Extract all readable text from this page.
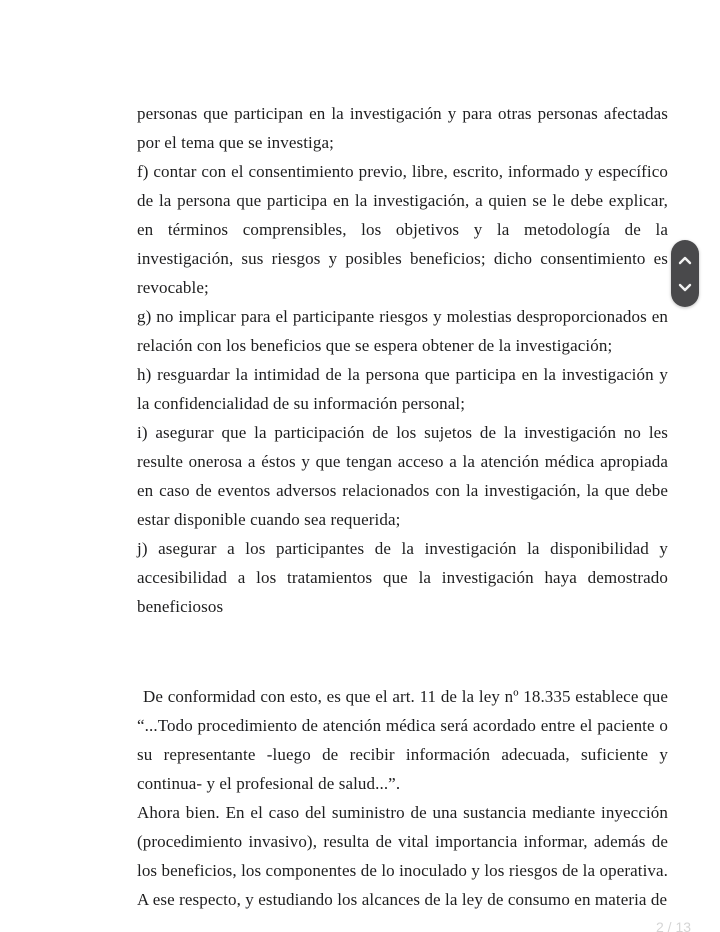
personas que participan en la investigación y para otras personas afectadas por el tema que se investiga;

f) contar con el consentimiento previo, libre, escrito, informado y específico de la persona que participa en la investigación, a quien se le debe explicar, en términos comprensibles, los objetivos y la metodología de la investigación, sus riesgos y posibles beneficios; dicho consentimiento es revocable;

g) no implicar para el participante riesgos y molestias desproporcionados en relación con los beneficios que se espera obtener de la investigación;

h) resguardar la intimidad de la persona que participa en la investigación y la confidencialidad de su información personal;

i) asegurar que la participación de los sujetos de la investigación no les resulte onerosa a éstos y que tengan acceso a la atención médica apropiada en caso de eventos adversos relacionados con la investigación, la que debe estar disponible cuando sea requerida;

j) asegurar a los participantes de la investigación la disponibilidad y accesibilidad a los tratamientos que la investigación haya demostrado beneficiosos

De conformidad con esto, es que el art. 11 de la ley nº 18.335 establece que “...Todo procedimiento de atención médica será acordado entre el paciente o su representante -luego de recibir información adecuada, suficiente y continua- y el profesional de salud...”.

Ahora bien. En el caso del suministro de una sustancia mediante inyección (procedimiento invasivo), resulta de vital importancia informar, además de los beneficios, los componentes de lo inoculado y los riesgos de la operativa. A ese respecto, y estudiando los alcances de la ley de consumo en materia de

2 / 13
